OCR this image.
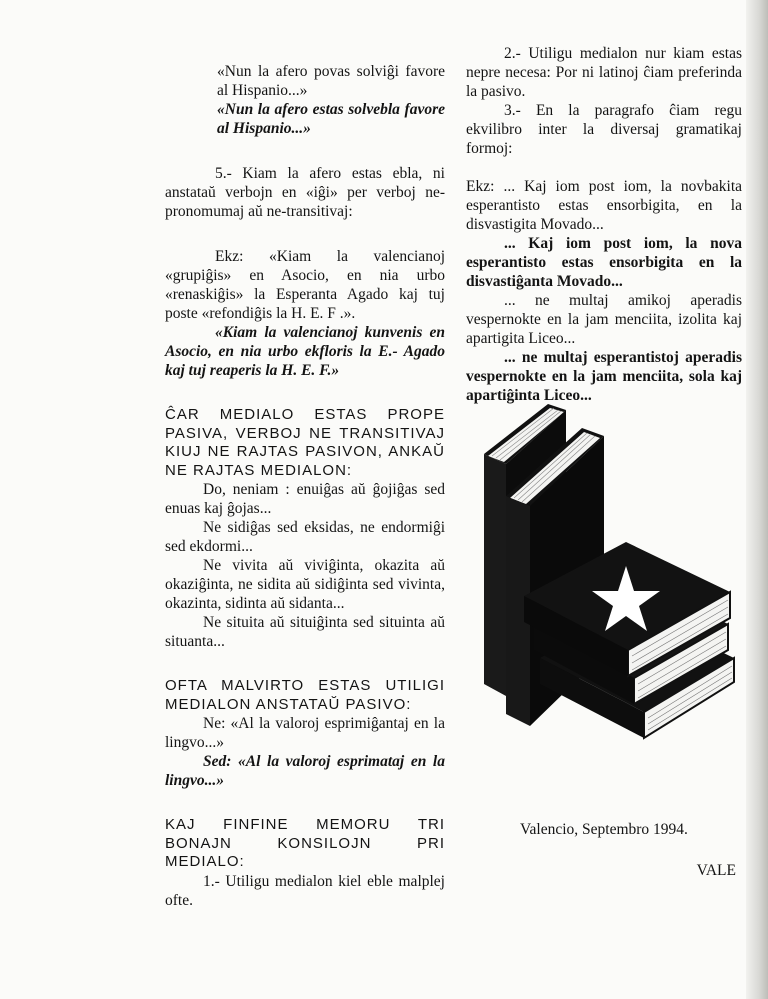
«Nun la afero povas solviĝi favore al Hispanio...»

«Nun la afero estas solvebla favore al Hispanio...»

5.- Kiam la afero estas ebla, ni anstataŭ verbojn en «iĝi» per verboj ne-pronomumaj aŭ ne-transitivaj:

Ekz: «Kiam la valencianoj «grupiĝis» en Asocio, en nia urbo «renaskiĝis» la Esperanta Agado kaj tuj poste «refondiĝis la H. E. F .».

«Kiam la valencianoj kunvenis en Asocio, en nia urbo ekfloris la E.- Agado kaj tuj reaperis la H. E. F.»

ĈAR MEDIALO ESTAS PROPE PASIVA, VERBOJ NE TRANSITIVAJ KIUJ NE RAJTAS PASIVON, ANKAŬ NE RAJTAS MEDIALON:

Do, neniam : enuiĝas aŭ ĝojiĝas sed enuas kaj ĝojas...

Ne sidiĝas sed eksidas, ne endormiĝi sed ekdormi...

Ne vivita aŭ viviĝinta, okazita aŭ okaziĝinta, ne sidita aŭ sidiĝinta sed vivinta, okazinta, sidinta aŭ sidanta...

Ne situita aŭ situiĝinta sed situinta aŭ situanta...

OFTA MALVIRTO ESTAS UTILIGI MEDIALON ANSTATAŬ PASIVO:

Ne: «Al la valoroj esprimiĝantaj en la lingvo...»

Sed: «Al la valoroj esprimataj en la lingvo...»

KAJ FINFINE MEMORU TRI BONAJN KONSILOJN PRI MEDIALO:

1.- Utiligu medialon kiel eble malplej ofte.

2.- Utiligu medialon nur kiam estas nepre necesa: Por ni latinoj ĉiam preferinda la pasivo.

3.- En la paragrafo ĉiam regu ekvilibro inter la diversaj gramatikaj formoj:

Ekz: ... Kaj iom post iom, la novbakita esperantisto estas ensorbigita, en la disvastigita Movado...

... Kaj iom post iom, la nova esperantisto estas ensorbigita en la disvastiĝanta Movado...

... ne multaj amikoj aperadis vespernokte en la jam menciita, izolita kaj apartigita Liceo...

... ne multaj esperantistoj aperadis vespernokte en la jam menciita, sola kaj apartiĝinta Liceo...

Valencio, Septembro 1994.

VALE
